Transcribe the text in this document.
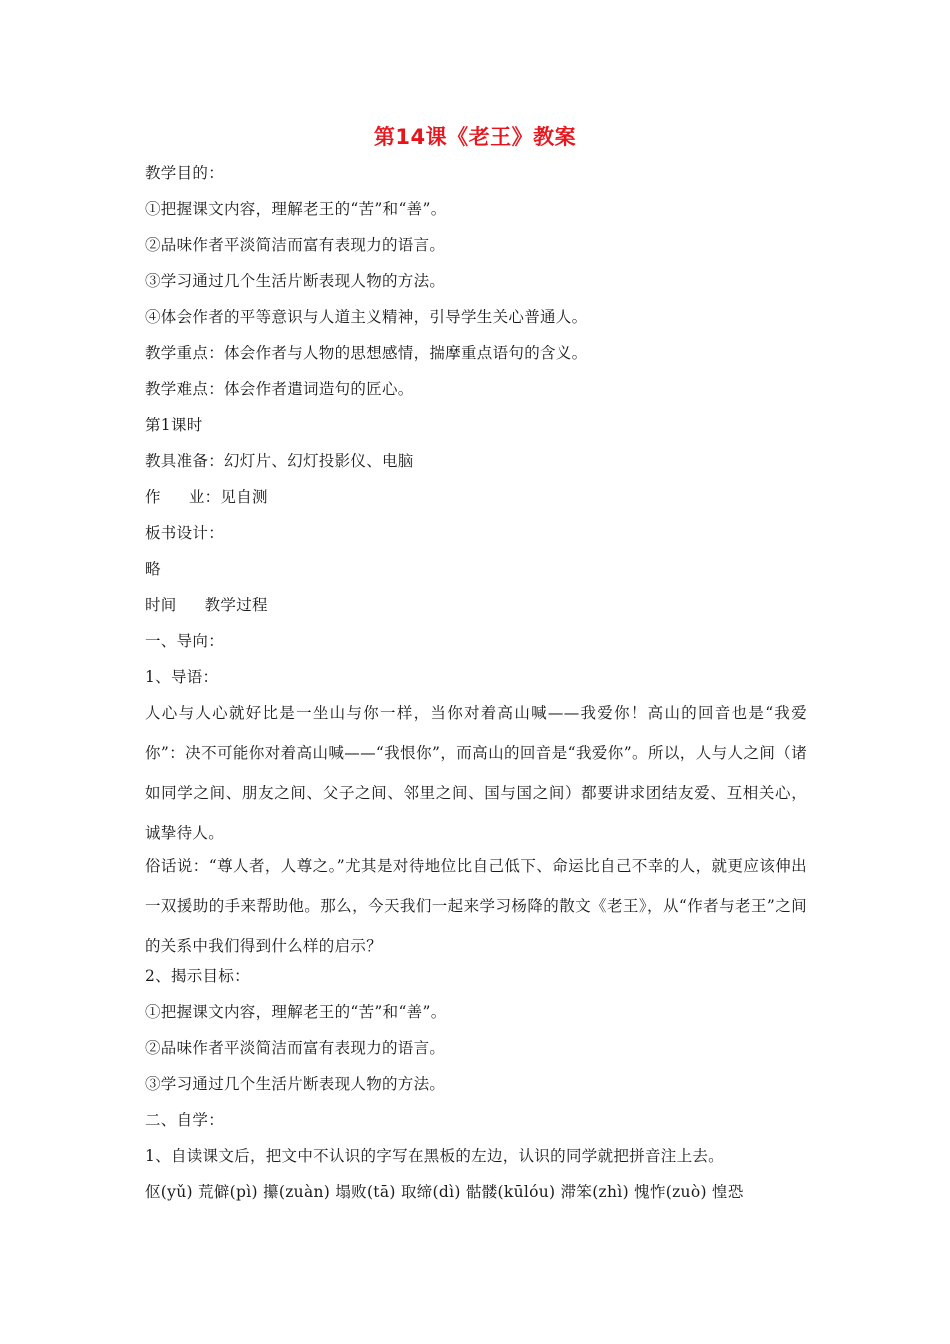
第14课《老王》教案
教学目的：
①把握课文内容，理解老王的“苦”和“善”。
②品味作者平淡简洁而富有表现力的语言。
③学习通过几个生活片断表现人物的方法。
④体会作者的平等意识与人道主义精神，引导学生关心普通人。
教学重点：体会作者与人物的思想感情，揣摩重点语句的含义。
教学难点：体会作者遣词造句的匠心。
第1课时
教具准备：幻灯片、幻灯投影仪、电脑
作 业：见自测
板书设计：
略
时间 教学过程
一、导向：
1、导语：
人心与人心就好比是一坐山与你一样，当你对着高山喊——我爱你！高山的回音也是“我爱你”：决不可能你对着高山喊——“我恨你”，而高山的回音是“我爱你”。所以，人与人之间（诸如同学之间、朋友之间、父子之间、邻里之间、国与国之间）都要讲求团结友爱、互相关心，诚挚待人。
俗话说：“尊人者，人尊之。”尤其是对待地位比自己低下、命运比自己不幸的人，就更应该伸出一双援助的手来帮助他。那么，今天我们一起来学习杨降的散文《老王》，从“作者与老王”之间的关系中我们得到什么样的启示？
2、揭示目标：
①把握课文内容，理解老王的“苦”和“善”。
②品味作者平淡简洁而富有表现力的语言。
③学习通过几个生活片断表现人物的方法。
二、自学：
1、自读课文后，把文中不认识的字写在黑板的左边，认识的同学就把拼音注上去。
伛(yǔ) 荒僻(pì) 攥(zuàn) 塌败(tā) 取缔(dì) 骷髅(kūlóu) 滞笨(zhì) 愧怍(zuò) 惶恐
